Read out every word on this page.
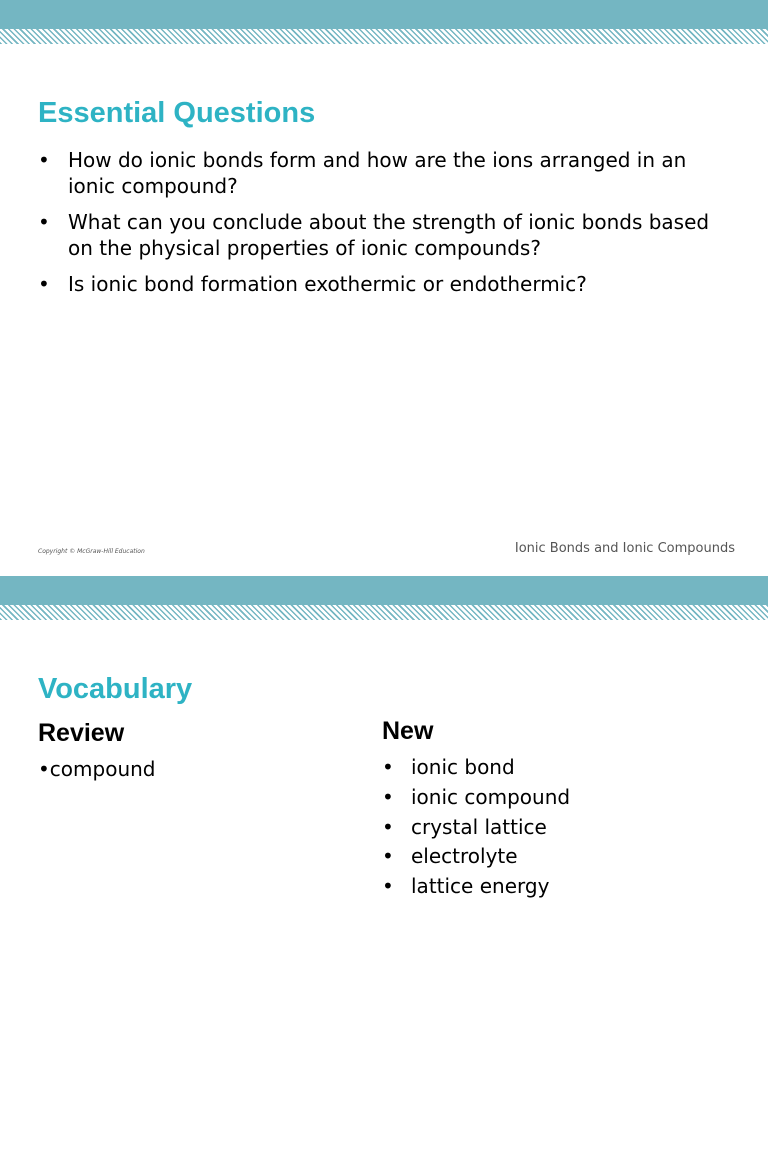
Essential Questions
• How do ionic bonds form and how are the ions arranged in an ionic compound?
• What can you conclude about the strength of ionic bonds based on the physical properties of ionic compounds?
• Is ionic bond formation exothermic or endothermic?
Copyright © McGraw-Hill Education	Ionic Bonds and Ionic Compounds
Vocabulary
Review
•compound
New
• ionic bond
• ionic compound
• crystal lattice
• electrolyte
• lattice energy
